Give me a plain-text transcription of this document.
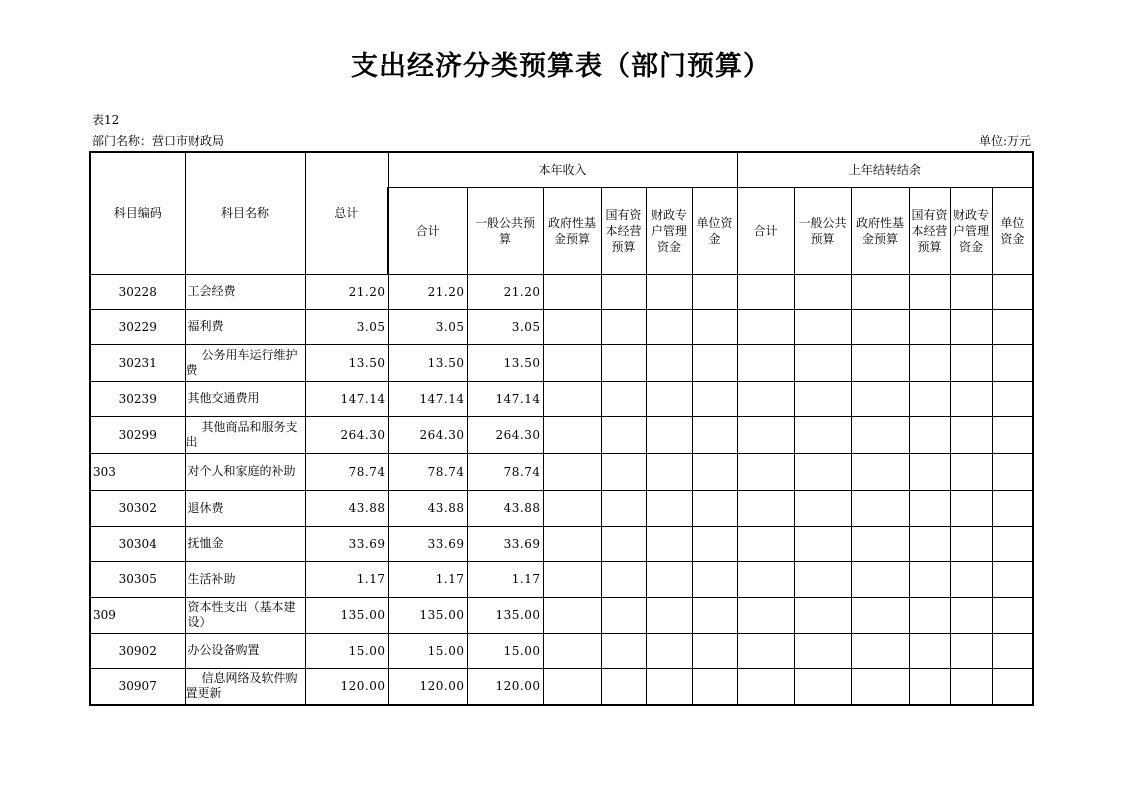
支出经济分类预算表（部门预算）
表12
部门名称：营口市财政局	单位:万元
科目编码	科目名称	总计	本年收入						上年结转结余					
			合计	一般公共预算	政府性基金预算	国有资本经营预算	财政专户管理资金	单位资金	合计	一般公共预算	政府性基金预算	国有资本经营预算	财政专户管理资金	单位资金
30228	工会经费	21.20	21.20	21.20										
30229	福利费	3.05	3.05	3.05										
30231	公务用车运行维护费	13.50	13.50	13.50										
30239	其他交通费用	147.14	147.14	147.14										
30299	其他商品和服务支出	264.30	264.30	264.30										
303	对个人和家庭的补助	78.74	78.74	78.74										
30302	退休费	43.88	43.88	43.88										
30304	抚恤金	33.69	33.69	33.69										
30305	生活补助	1.17	1.17	1.17										
309	资本性支出（基本建设）	135.00	135.00	135.00										
30902	办公设备购置	15.00	15.00	15.00										
30907	信息网络及软件购置更新	120.00	120.00	120.00										
